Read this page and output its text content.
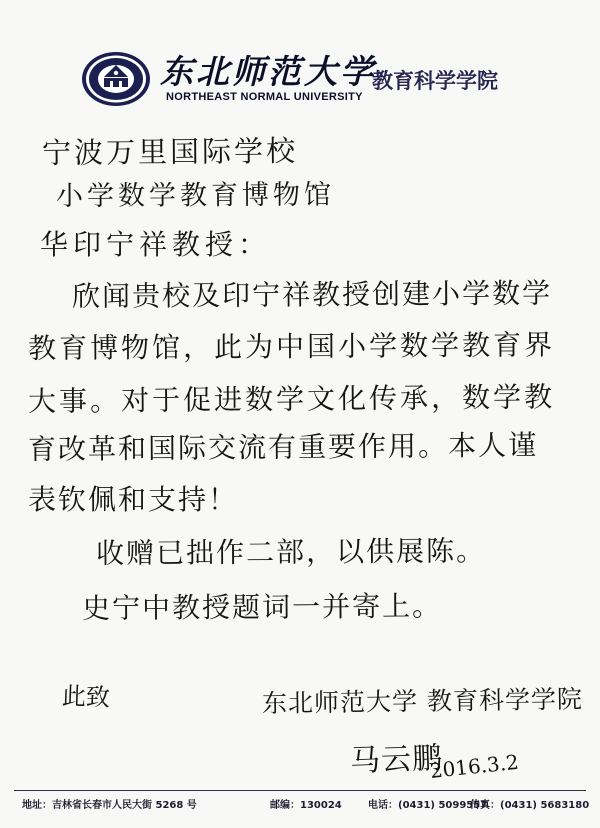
东北师范大学
NORTHEAST NORMAL UNIVERSITY
教育科学学院
宁波万里国际学校
小学数学教育博物馆
华印宁祥教授：
欣闻贵校及印宁祥教授创建小学数学
教育博物馆，此为中国小学数学教育界
大事。对于促进数学文化传承，数学教
育改革和国际交流有重要作用。本人谨
表钦佩和支持！
收赠已拙作二部，以供展陈。
史宁中教授题词一并寄上。
此致	东北师范大学 教育科学学院
马云鹏
2016.3.2
地址：吉林省长春市人民大街 5268 号	邮编：130024	电话：(0431) 5099557
传真：(0431) 5683180
